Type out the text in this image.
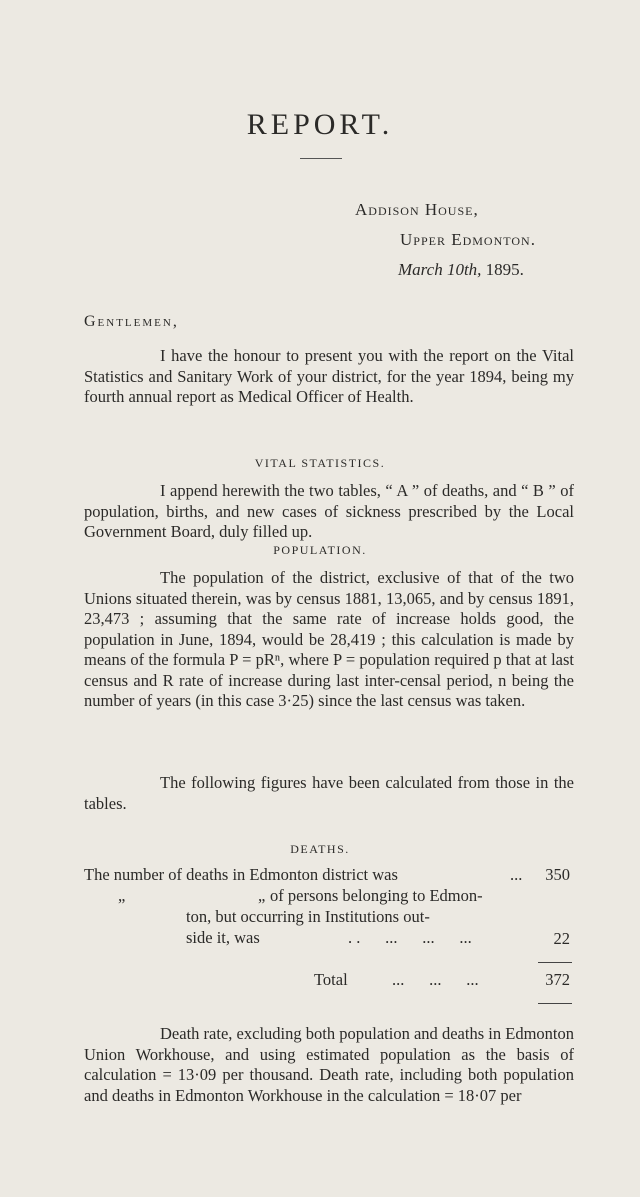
REPORT.
Addison House,
Upper Edmonton.
March 10th, 1895.
Gentlemen,
I have the honour to present you with the report on the Vital Statistics and Sanitary Work of your district, for the year 1894, being my fourth annual report as Medical Officer of Health.
VITAL STATISTICS.
I append herewith the two tables, “ A ” of deaths, and “ B ” of population, births, and new cases of sickness prescribed by the Local Government Board, duly filled up.
POPULATION.
The population of the district, exclusive of that of the two Unions situated therein, was by census 1881, 13,065, and by census 1891, 23,473 ; assuming that the same rate of increase holds good, the population in June, 1894, would be 28,419 ; this calculation is made by means of the formula P = pRⁿ, where P = population required p that at last census and R rate of increase during last inter-censal period, n being the number of years (in this case 3·25) since the last census was taken.
The following figures have been calculated from those in the tables.
DEATHS.
The number of deaths in Edmonton district was	...	350
„	„ of persons belonging to Edmon-
ton, but occurring in Institutions out-
side it, was	. .      ...      ...      ...	22
Total	...      ...      ...	372
Death rate, excluding both population and deaths in Edmonton Union Workhouse, and using estimated population as the basis of calculation = 13·09 per thousand. Death rate, including both population and deaths in Edmonton Workhouse in the calculation = 18·07 per
